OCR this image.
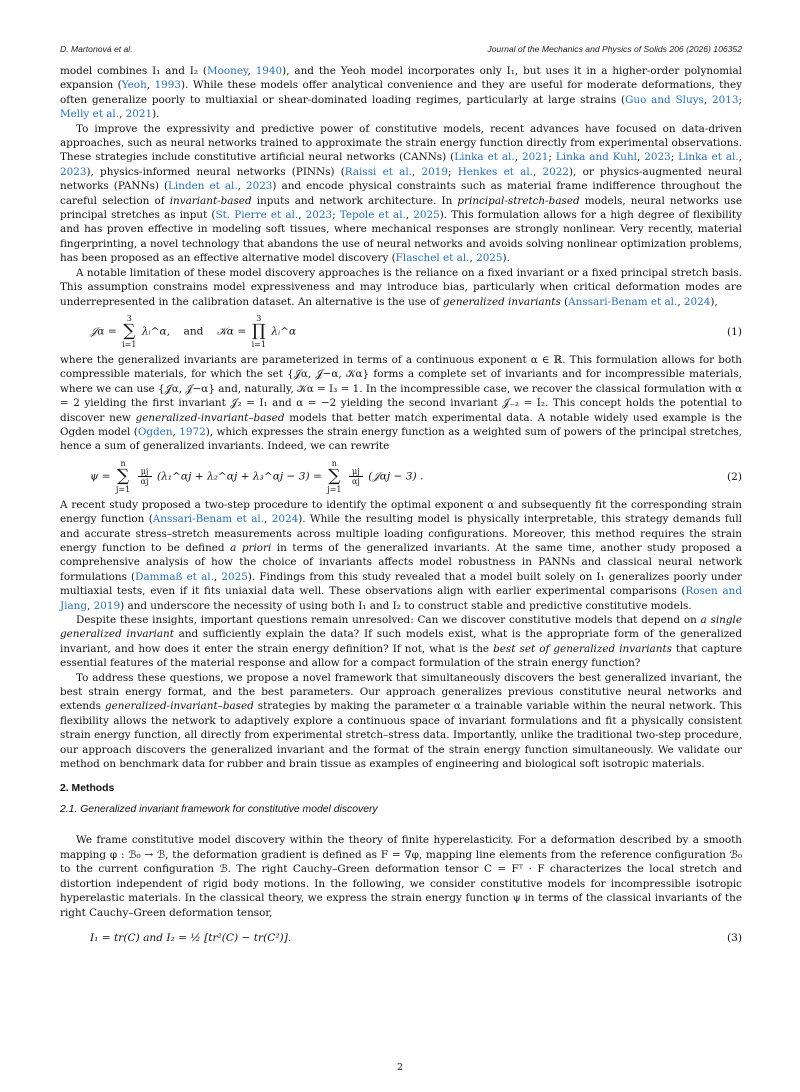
D. Martonová et al.	Journal of the Mechanics and Physics of Solids 206 (2026) 106352

model combines I₁ and I₂ (Mooney, 1940), and the Yeoh model incorporates only I₁, but uses it in a higher-order polynomial expansion (Yeoh, 1993). While these models offer analytical convenience and they are useful for moderate deformations, they often generalize poorly to multiaxial or shear-dominated loading regimes, particularly at large strains (Guo and Sluys, 2013; Melly et al., 2021).

To improve the expressivity and predictive power of constitutive models, recent advances have focused on data-driven approaches, such as neural networks trained to approximate the strain energy function directly from experimental observations. These strategies include constitutive artificial neural networks (CANNs) (Linka et al., 2021; Linka and Kuhl, 2023; Linka et al., 2023), physics-informed neural networks (PINNs) (Raissi et al., 2019; Henkes et al., 2022), or physics-augmented neural networks (PANNs) (Linden et al., 2023) and encode physical constraints such as material frame indifference throughout the careful selection of invariant-based inputs and network architecture. In principal-stretch-based models, neural networks use principal stretches as input (St. Pierre et al., 2023; Tepole et al., 2025). This formulation allows for a high degree of flexibility and has proven effective in modeling soft tissues, where mechanical responses are strongly nonlinear. Very recently, material fingerprinting, a novel technology that abandons the use of neural networks and avoids solving nonlinear optimization problems, has been proposed as an effective alternative model discovery (Flaschel et al., 2025).

A notable limitation of these model discovery approaches is the reliance on a fixed invariant or a fixed principal stretch basis. This assumption constrains model expressiveness and may introduce bias, particularly when critical deformation modes are underrepresented in the calibration dataset. An alternative is the use of generalized invariants (Anssari-Benam et al., 2024),

𝒥α =
3
∑
i=1
λᵢ^α, and 𝒦α =
3
∏
i=1
λᵢ^α	(1)

where the generalized invariants are parameterized in terms of a continuous exponent α ∈ ℝ. This formulation allows for both compressible materials, for which the set {𝒥α, 𝒥−α, 𝒦α} forms a complete set of invariants and for incompressible materials, where we can use {𝒥α, 𝒥−α} and, naturally, 𝒦α = I₃ = 1. In the incompressible case, we recover the classical formulation with α = 2 yielding the first invariant 𝒥₂ = I₁ and α = −2 yielding the second invariant 𝒥₋₂ = I₂. This concept holds the potential to discover new generalized-invariant–based models that better match experimental data. A notable widely used example is the Ogden model (Ogden, 1972), which expresses the strain energy function as a weighted sum of powers of the principal stretches, hence a sum of generalized invariants. Indeed, we can rewrite

ψ =
n
∑
j=1

$\frac{\mu j}{\alpha j}$ (λ₁^αj + λ₂^αj + λ₃^αj − 3) =
n
∑
j=1

$\frac{\mu j}{\alpha j}$ (𝒥αj − 3) .	(2)

A recent study proposed a two-step procedure to identify the optimal exponent α and subsequently fit the corresponding strain energy function (Anssari-Benam et al., 2024). While the resulting model is physically interpretable, this strategy demands full and accurate stress–stretch measurements across multiple loading configurations. Moreover, this method requires the strain energy function to be defined a priori in terms of the generalized invariants. At the same time, another study proposed a comprehensive analysis of how the choice of invariants affects model robustness in PANNs and classical neural network formulations (Dammaß et al., 2025). Findings from this study revealed that a model built solely on I₁ generalizes poorly under multiaxial tests, even if it fits uniaxial data well. These observations align with earlier experimental comparisons (Rosen and Jiang, 2019) and underscore the necessity of using both I₁ and I₂ to construct stable and predictive constitutive models.

Despite these insights, important questions remain unresolved: Can we discover constitutive models that depend on a single generalized invariant and sufficiently explain the data? If such models exist, what is the appropriate form of the generalized invariant, and how does it enter the strain energy definition? If not, what is the best set of generalized invariants that capture essential features of the material response and allow for a compact formulation of the strain energy function?

To address these questions, we propose a novel framework that simultaneously discovers the best generalized invariant, the best strain energy format, and the best parameters. Our approach generalizes previous constitutive neural networks and extends generalized-invariant–based strategies by making the parameter α a trainable variable within the neural network. This flexibility allows the network to adaptively explore a continuous space of invariant formulations and fit a physically consistent strain energy function, all directly from experimental stretch–stress data. Importantly, unlike the traditional two-step procedure, our approach discovers the generalized invariant and the format of the strain energy function simultaneously. We validate our method on benchmark data for rubber and brain tissue as examples of engineering and biological soft isotropic materials.

2. Methods
2.1. Generalized invariant framework for constitutive model discovery

We frame constitutive model discovery within the theory of finite hyperelasticity. For a deformation described by a smooth mapping φ : ℬ₀ → ℬ, the deformation gradient is defined as F = ∇φ, mapping line elements from the reference configuration ℬ₀ to the current configuration ℬ. The right Cauchy–Green deformation tensor C = Fᵀ · F characterizes the local stretch and distortion independent of rigid body motions. In the following, we consider constitutive models for incompressible isotropic hyperelastic materials. In the classical theory, we express the strain energy function ψ in terms of the classical invariants of the right Cauchy–Green deformation tensor,

I₁ = tr(C) and I₂ = ½ [tr²(C) − tr(C²)].	(3)
2
